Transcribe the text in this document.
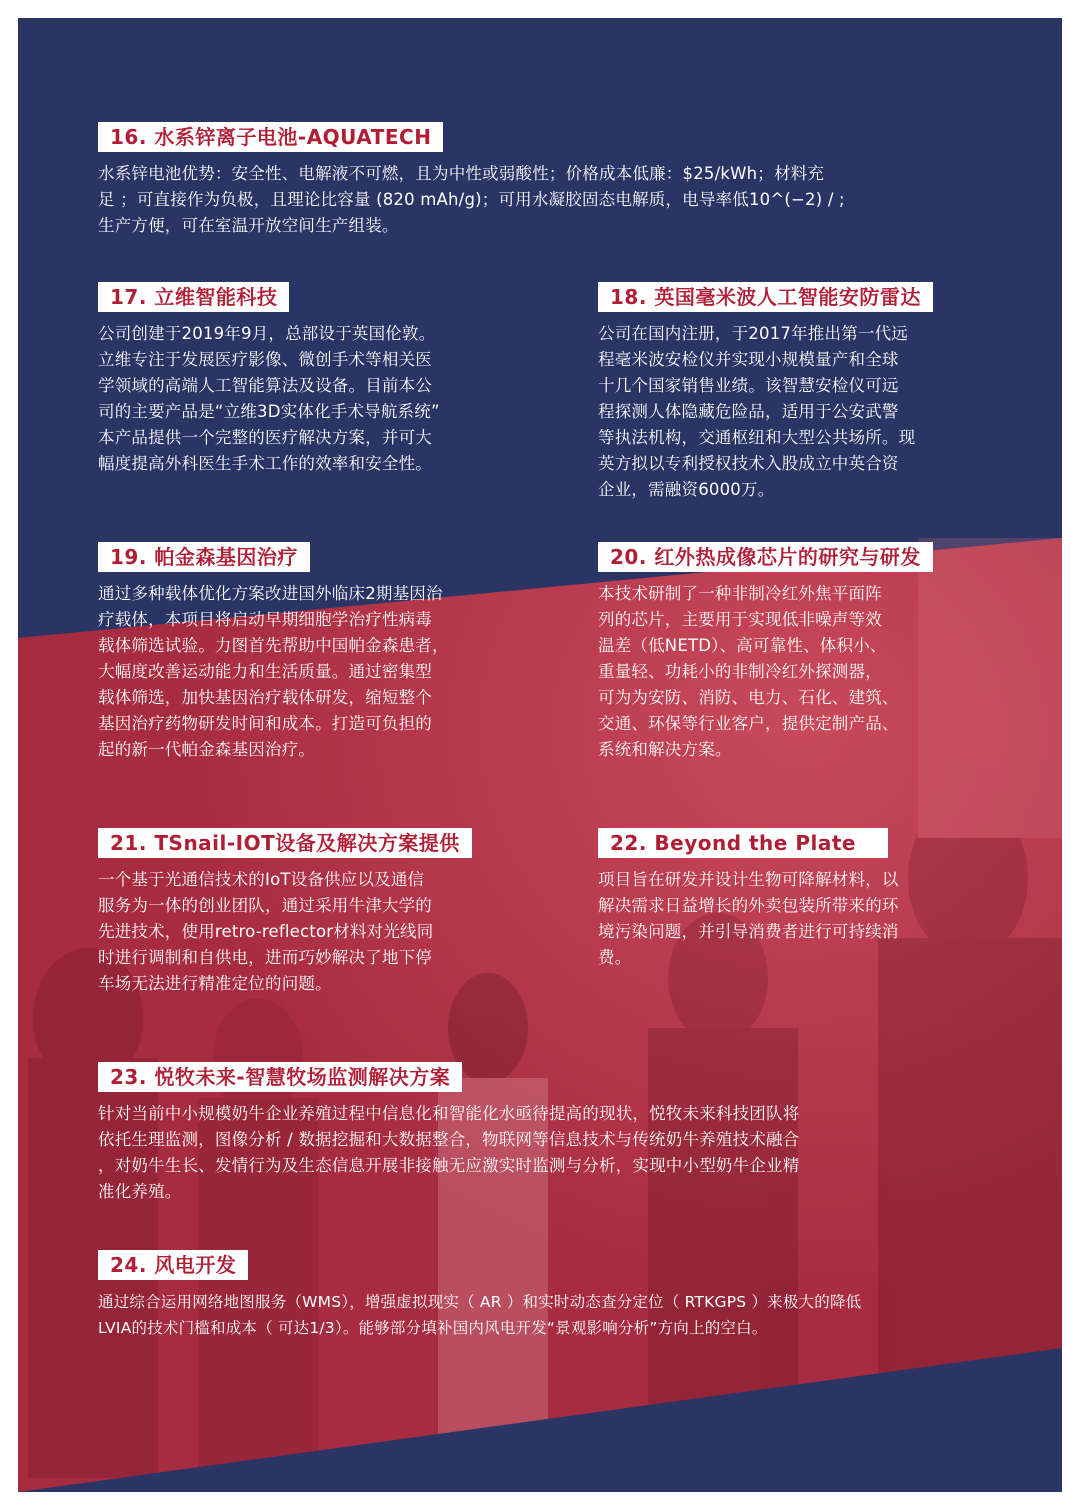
16. 水系锌离子电池-AQUATECH
水系锌电池优势：安全性、电解液不可燃，且为中性或弱酸性；价格成本低廉：$25/kWh；材料充
足 ；可直接作为负极，且理论比容量 (820 mAh/g)；可用水凝胶固态电解质，电导率低10^(−2) / ;
生产方便，可在室温开放空间生产组装。
17. 立维智能科技
公司创建于2019年9月，总部设于英国伦敦。
立维专注于发展医疗影像、微创手术等相关医
学领域的高端人工智能算法及设备。目前本公
司的主要产品是“立维3D实体化手术导航系统”
本产品提供一个完整的医疗解决方案，并可大
幅度提高外科医生手术工作的效率和安全性。
18. 英国毫米波人工智能安防雷达
公司在国内注册，于2017年推出第一代远
程毫米波安检仪并实现小规模量产和全球
十几个国家销售业绩。该智慧安检仪可远
程探测人体隐藏危险品，适用于公安武警
等执法机构，交通枢纽和大型公共场所。现
英方拟以专利授权技术入股成立中英合资
企业，需融资6000万。
19. 帕金森基因治疗
通过多种载体优化方案改进国外临床2期基因治
疗载体，本项目将启动早期细胞学治疗性病毒
载体筛选试验。力图首先帮助中国帕金森患者，
大幅度改善运动能力和生活质量。通过密集型
载体筛选，加快基因治疗载体研发，缩短整个
基因治疗药物研发时间和成本。打造可负担的
起的新一代帕金森基因治疗。
20. 红外热成像芯片的研究与研发
本技术研制了一种非制冷红外焦平面阵
列的芯片，主要用于实现低非噪声等效
温差（低NETD）、高可靠性、体积小、
重量轻、功耗小的非制冷红外探测器，
可为为安防、消防、电力、石化、建筑、
交通、环保等行业客户，提供定制产品、
系统和解决方案。
21. TSnail-IOT设备及解决方案提供
一个基于光通信技术的IoT设备供应以及通信
服务为一体的创业团队，通过采用牛津大学的
先进技术，使用retro-reflector材料对光线同
时进行调制和自供电，进而巧妙解决了地下停
车场无法进行精准定位的问题。
22. Beyond the Plate
项目旨在研发并设计生物可降解材料，以
解决需求日益增长的外卖包装所带来的环
境污染问题，并引导消费者进行可持续消
费。
23. 悦牧未来-智慧牧场监测解决方案
针对当前中小规模奶牛企业养殖过程中信息化和智能化水亟待提高的现状，悦牧未来科技团队将
依托生理监测，图像分析 / 数据挖掘和大数据整合，物联网等信息技术与传统奶牛养殖技术融合
，对奶牛生长、发情行为及生态信息开展非接触无应激实时监测与分析，实现中小型奶牛企业精
准化养殖。
24. 风电开发
通过综合运用网络地图服务（WMS），增强虚拟现实（ AR ）和实时动态查分定位（ RTKGPS ）来极大的降低
LVIA的技术门槛和成本（ 可达1/3）。能够部分填补国内风电开发“景观影响分析”方向上的空白。
